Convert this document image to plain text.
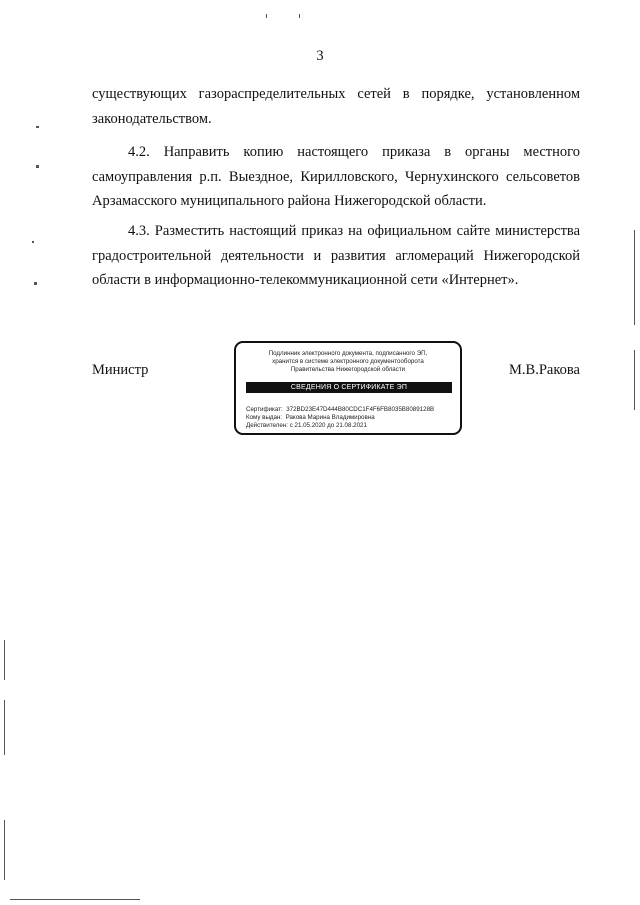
3
существующих газораспределительных сетей в порядке, установленном
законодательством.
4.2. Направить копию настоящего приказа в органы местного
самоуправления р.п. Выездное, Кирилловского, Чернухинского сельсоветов
Арзамасского муниципального района Нижегородской области.
4.3. Разместить настоящий приказ на официальном сайте министерства
градостроительной деятельности и развития агломераций Нижегородской
области в информационно-телекоммуникационной сети «Интернет».
Министр
Подлинник электронного документа, подписанного ЭП,
хранится в системе электронного документооборота
Правительства Нижегородской области
СВЕДЕНИЯ О СЕРТИФИКАТЕ ЭП
Сертификат: 372BD23E47D444B80CDC1F4F6FB8035B8089128B
Кому выдан: Ракова Марина Владимировна
Действителен: с 21.05.2020 до 21.08.2021
М.В.Ракова
